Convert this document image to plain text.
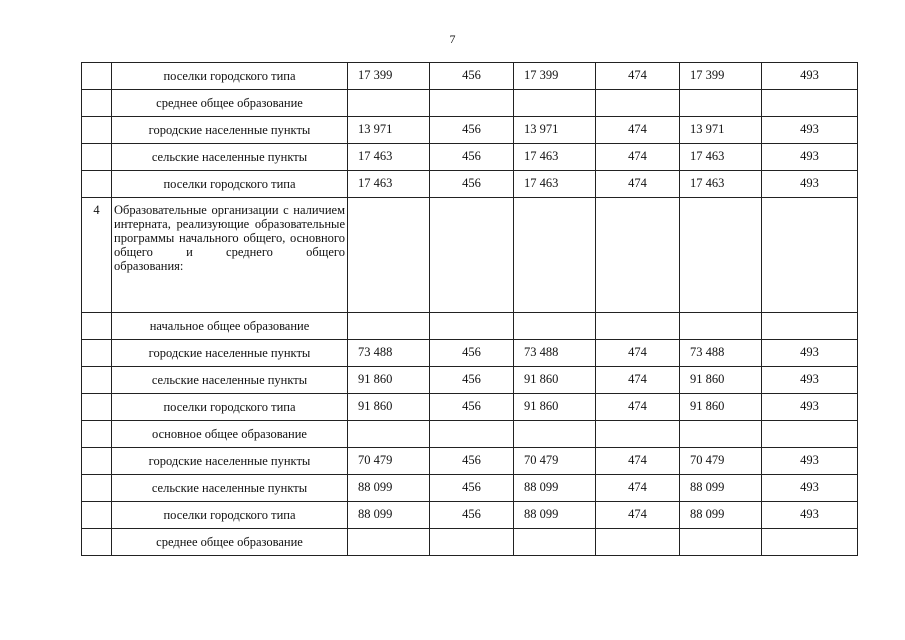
7
	поселки городского типа	17 399	456	17 399	474	17 399	493
	среднее общее образование						
	городские населенные пункты	13 971	456	13 971	474	13 971	493
	сельские населенные пункты	17 463	456	17 463	474	17 463	493
	поселки городского типа	17 463	456	17 463	474	17 463	493
4	Образовательные организации с наличием интерната, реализующие образовательные программы начального общего, основного общего и среднего общего
образования:						

	начальное общее образование						
	городские населенные пункты	73 488	456	73 488	474	73 488	493
	сельские населенные пункты	91 860	456	91 860	474	91 860	493
	поселки городского типа	91 860	456	91 860	474	91 860	493
	основное общее образование						
	городские населенные пункты	70 479	456	70 479	474	70 479	493
	сельские населенные пункты	88 099	456	88 099	474	88 099	493
	поселки городского типа	88 099	456	88 099	474	88 099	493
	среднее общее образование						
